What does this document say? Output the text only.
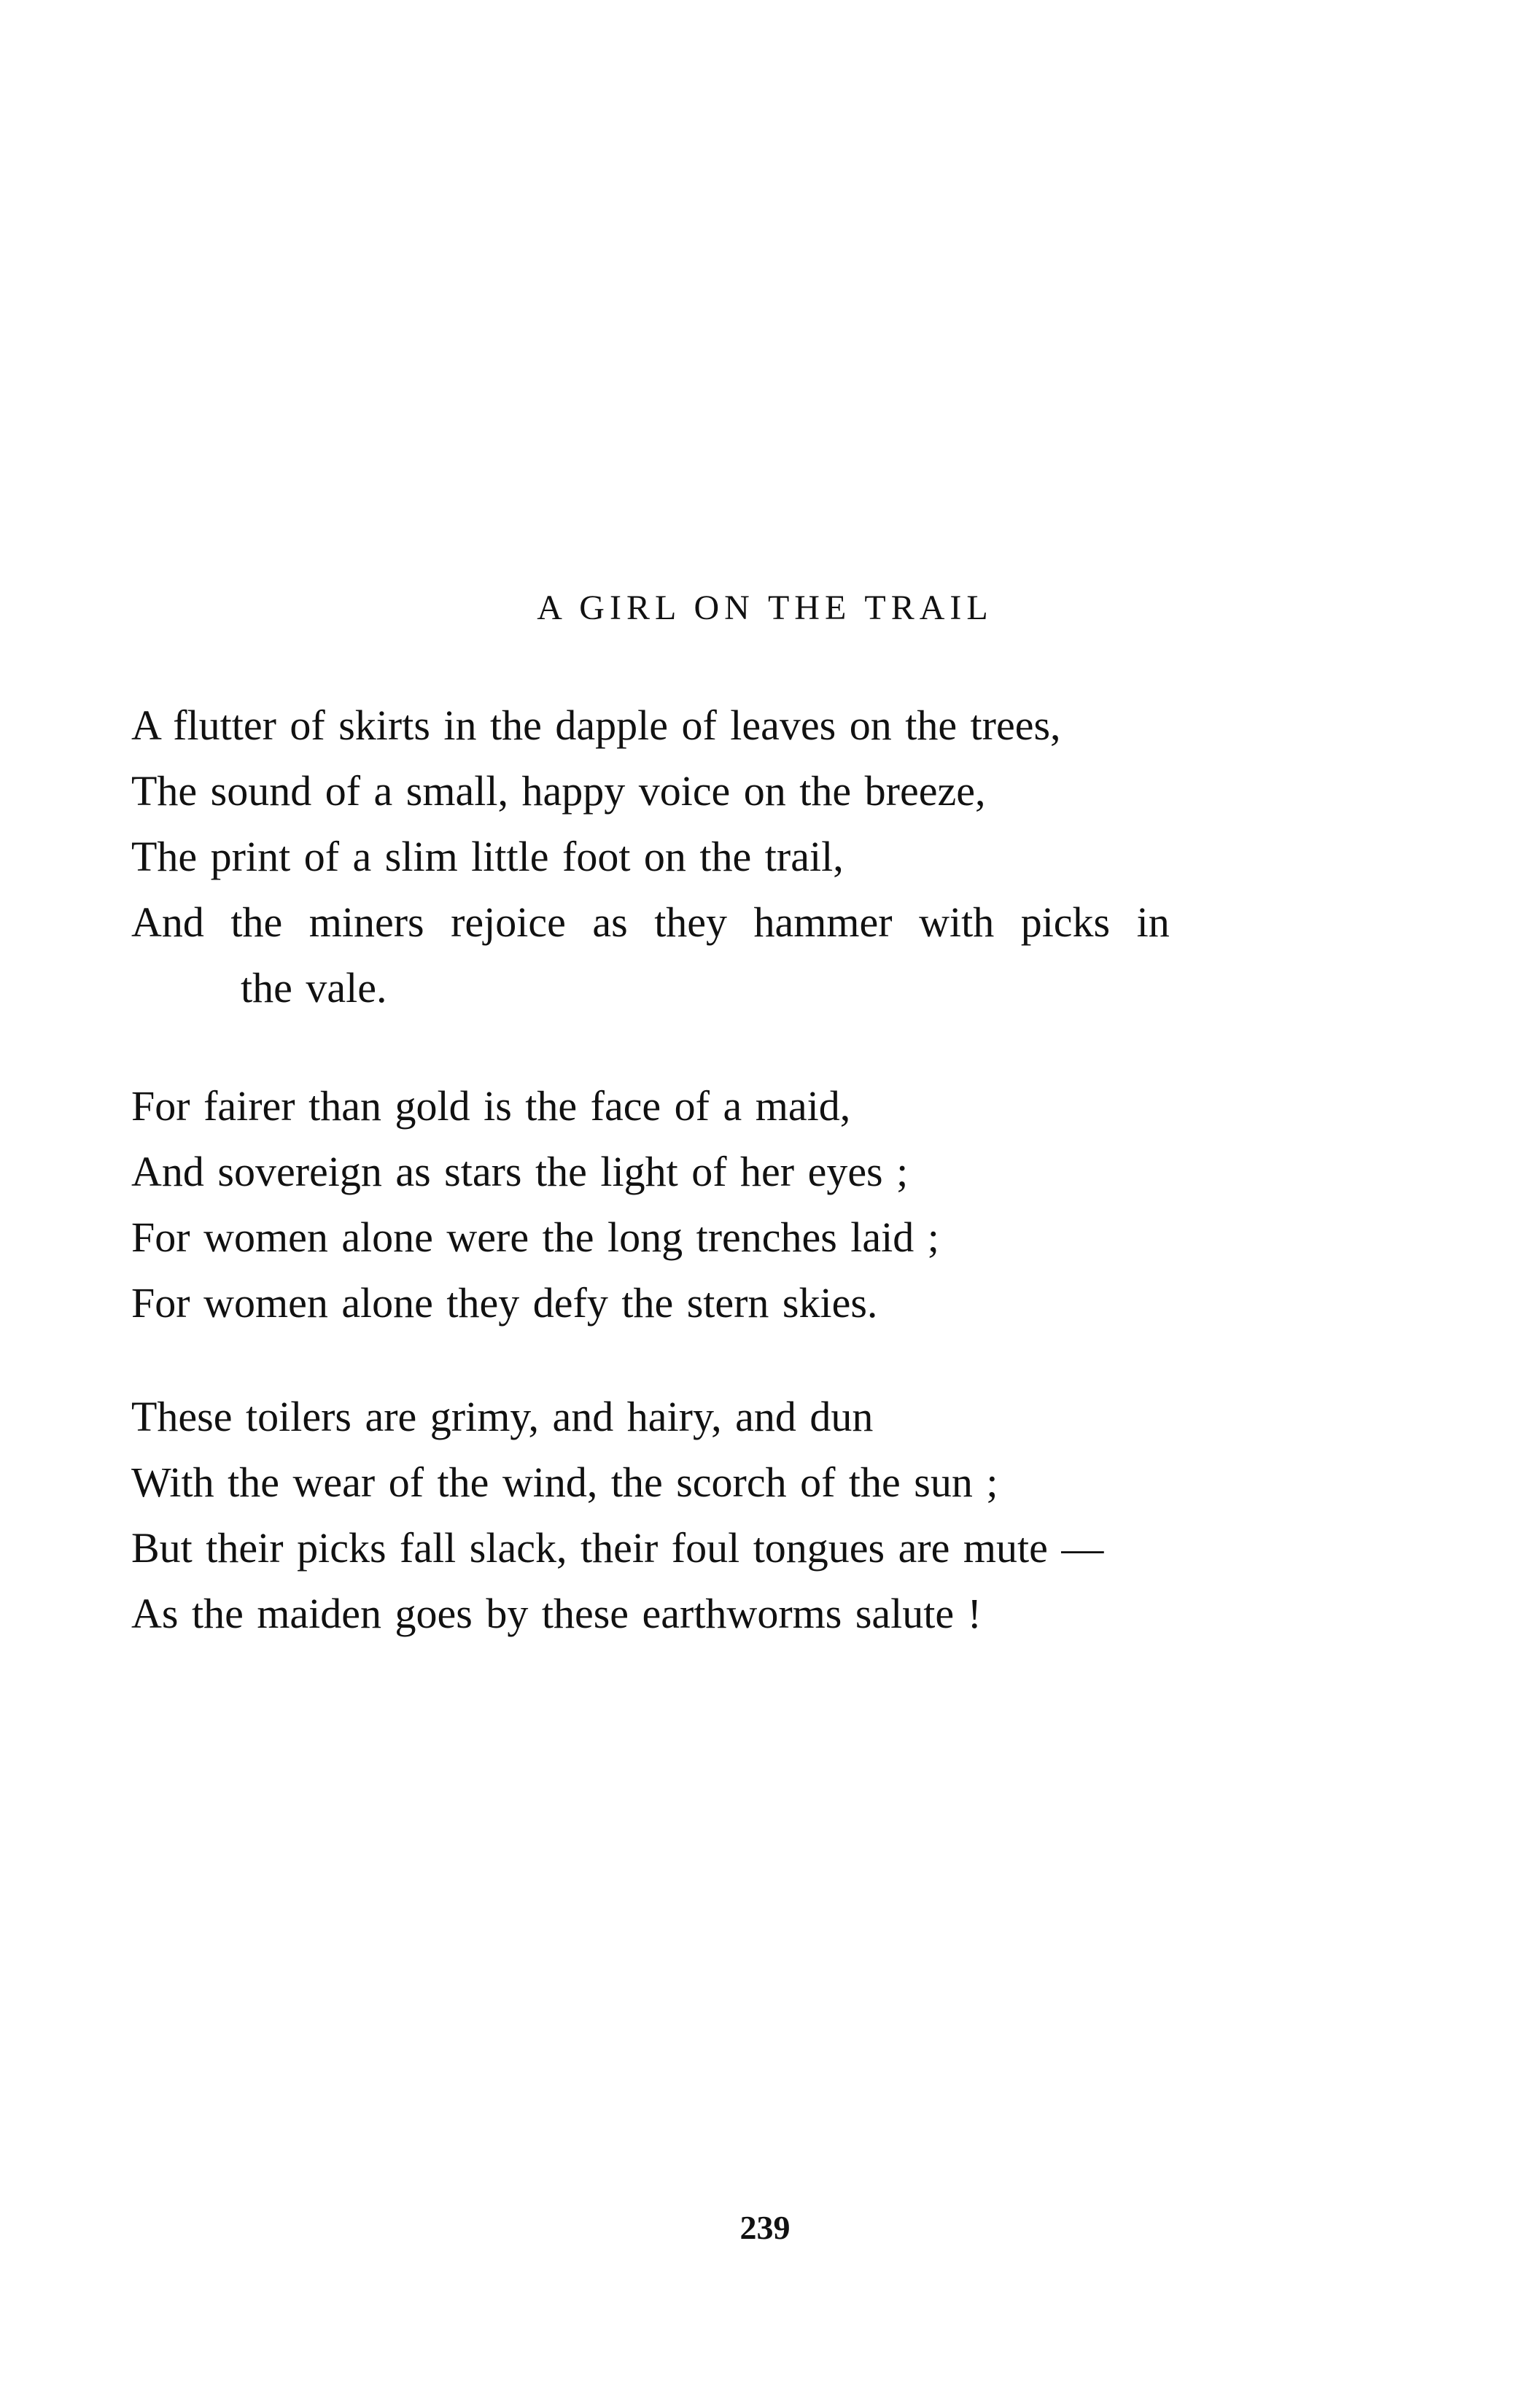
A GIRL ON THE TRAIL
A flutter of skirts in the dapple of leaves on the trees,
The sound of a small, happy voice on the breeze,
The print of a slim little foot on the trail,
And the miners rejoice as they hammer with picks in
the vale.
For fairer than gold is the face of a maid,
And sovereign as stars the light of her eyes ;
For women alone were the long trenches laid ;
For women alone they defy the stern skies.
These toilers are grimy, and hairy, and dun
With the wear of the wind, the scorch of the sun ;
But their picks fall slack, their foul tongues are mute —
As the maiden goes by these earthworms salute !
239
